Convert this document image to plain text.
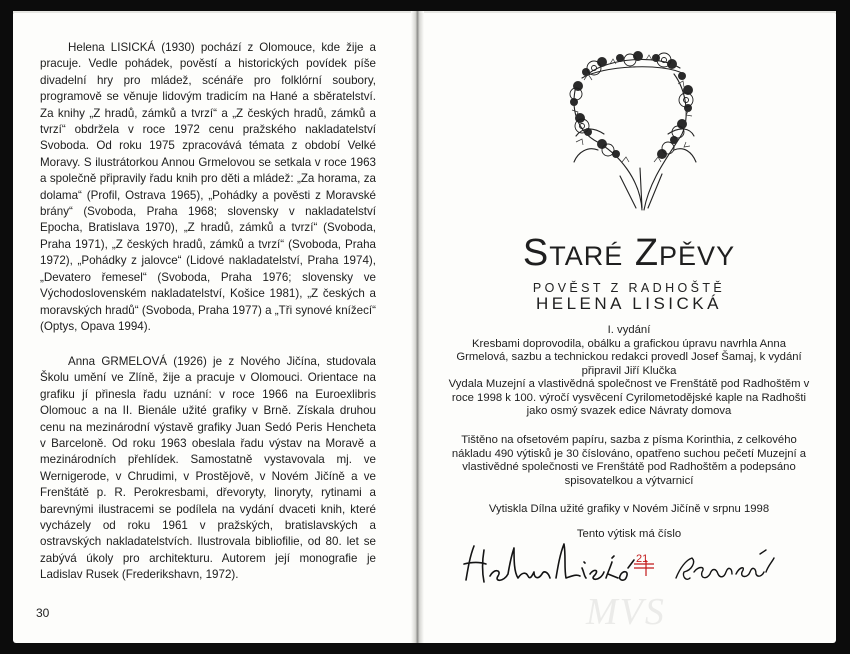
Helena LISICKÁ (1930) pochází z Olomouce, kde žije a pracuje. Vedle pohádek, pověstí a historických povídek píše divadelní hry pro mládež, scénáře pro folklórní soubory, programově se věnuje lidovým tradicím na Hané a sběratelství. Za knihy „Z hradů, zámků a tvrzí“ a „Z českých hradů, zámků a tvrzí“ obdržela v roce 1972 cenu pražského nakladatelství Svoboda. Od roku 1975 zpracovává témata z období Velké Moravy. S ilustrátorkou Annou Grmelovou se setkala v roce 1963 a společně připravily řadu knih pro děti a mládež: „Za horama, za dolama“ (Profil, Ostrava 1965), „Pohádky a pověsti z Moravské brány“ (Svoboda, Praha 1968; slovensky v nakladatelství Epocha, Bratislava 1970), „Z hradů, zámků a tvrzí“ (Svoboda, Praha 1971), „Z českých hradů, zámků a tvrzí“ (Svoboda, Praha 1972), „Pohádky z jalovce“ (Lidové nakladatelství, Praha 1974), „Devatero řemesel“ (Svoboda, Praha 1976; slovensky ve Východoslovenském nakladatelství, Košice 1981), „Z českých a moravských hradů“ (Svoboda, Praha 1977) a „Tři synové knížecí“ (Optys, Opava 1994).

Anna GRMELOVÁ (1926) je z Nového Jičína, studovala Školu umění ve Zlíně, žije a pracuje v Olomouci. Orientace na grafiku jí přinesla řadu uznání: v roce 1966 na Euroexlibris Olomouc a na II. Bienále užité grafiky v Brně. Získala druhou cenu na mezinárodní výstavě grafiky Juan Sedó Peris Hencheta v Barceloně. Od roku 1963 obeslala řadu výstav na Moravě a mezinárodních přehlídek. Samostatně vystavovala mj. ve Wernigerode, v Chrudimi, v Prostějově, v Novém Jičíně a ve Frenštátě p. R. Perokresbami, dřevoryty, linoryty, rytinami a barevnými ilustracemi se podílela na vydání dvaceti knih, které vycházely od roku 1961 v pražských, bratislavských a ostravských nakladatelstvích. Ilustrovala bibliofilie, od 80. let se zabývá úkoly pro architekturu. Autorem její monografie je Ladislav Rusek (Frederikshavn, 1972).

30
Staré Zpěvy
POVĚST Z RADHOŠTĚ
HELENA LISICKÁ

I. vydání
Kresbami doprovodila, obálku a grafickou úpravu navrhla Anna Grmelová, sazbu a technickou redakci provedl Josef Šamaj, k vydání připravil Jiří Klučka

Vydala Muzejní a vlastivědná společnost ve Frenštátě pod Radhoštěm v roce 1998 k 100. výročí vysvěcení Cyrilometodějské kaple na Radhošti jako osmý svazek edice Návraty domova

Tištěno na ofsetovém papíru, sazba z písma Korinthia, z celkového nákladu 490 výtisků je 30 číslováno, opatřeno suchou pečetí Muzejní a vlastivědné společnosti ve Frenštátě pod Radhoštěm a podepsáno spisovatelkou a výtvarnicí

Vytiskla Dílna užité grafiky v Novém Jičíně v srpnu 1998

Tento výtisk má číslo
21
MVS
